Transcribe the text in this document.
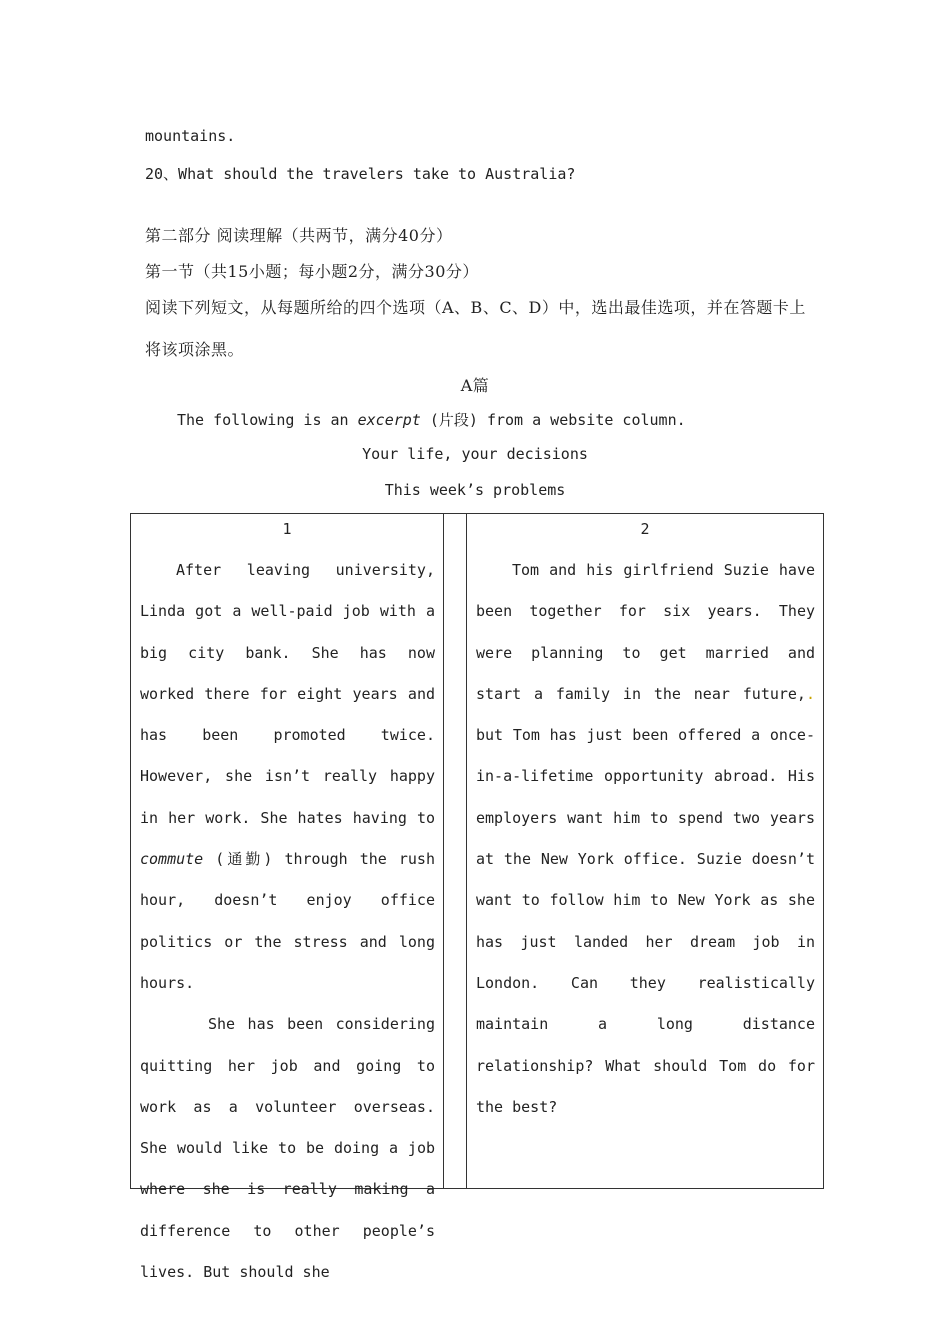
mountains.
20、What should the travelers take to Australia?
第二部分 阅读理解（共两节，满分40分）
第一节（共15小题；每小题2分，满分30分）
阅读下列短文，从每题所给的四个选项（A、B、C、D）中，选出最佳选项，并在答题卡上
将该项涂黑。
A篇
The following is an excerpt (片段) from a website column.
Your life, your decisions
This week’s problems
1

After leaving university, Linda got a well-paid job with a big city bank. She has now worked there for eight years and has been promoted twice. However, she isn’t really happy in her work. She hates having to commute (通勤) through the rush hour, doesn’t enjoy office politics or the stress and long hours.

She has been considering quitting her job and going to work as a volunteer overseas. She would like to be doing a job where she is really making a difference to other people’s lives. But should she

2

Tom and his girlfriend Suzie have been together for six years. They were planning to get married and start a family in the near future,. but Tom has just been offered a once-in-a-lifetime opportunity abroad. His employers want him to spend two years at the New York office. Suzie doesn’t want to follow him to New York as she has just landed her dream job in London. Can they realistically maintain a long distance relationship? What should Tom do for the best?
